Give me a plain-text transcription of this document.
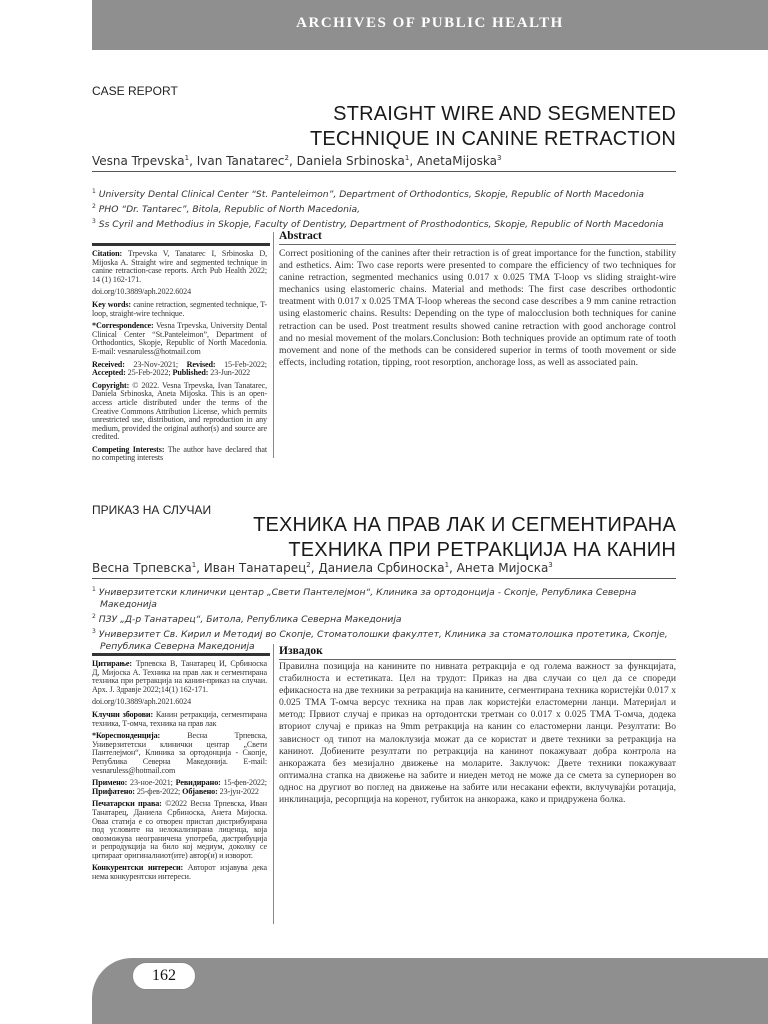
ARCHIVES OF PUBLIC HEALTH
CASE REPORT
STRAIGHT WIRE AND SEGMENTED
TECHNIQUE IN CANINE RETRACTION
Vesna Trpevska$^1$, Ivan Tanatarec$^2$, Daniela Srbinoska$^1$, AnetaMijoska$^3$
$^1$ University Dental Clinical Center “St. Panteleimon”, Department of Orthodontics, Skopje, Republic of North Macedonia
$^2$ PHO “Dr. Tantarec”, Bitola, Republic of North Macedonia,
$^3$ Ss Cyril and Methodius in Skopje, Faculty of Dentistry, Department of Prosthodontics, Skopje, Republic of North Macedonia

Citation: Trpevska V, Tanatarec I, Srbinoska D, Mijoska A. Straight wire and segmented technique in canine retraction-case reports. Arch Pub Health 2022; 14 (1) 162-171.

doi.org/10.3889/aph.2022.6024

Key words: canine retraction, segmented technique, T-loop, straight-wire technique.

*Correspondence: Vesna Trpevska, University Dental Clinical Center “St.Panteleimon”, Department of Orthodontics, Skopje, Republic of North Macedonia. E-mail: vesnaruless@hotmail.com

Received: 23-Nov-2021; Revised: 15-Feb-2022; Accepted: 25-Feb-2022; Published: 23-Jun-2022

Copyright: © 2022. Vesna Trpevska, Ivan Tanatarec, Daniela Srbinoska, Aneta Mijoska. This is an open-access article distributed under the terms of the Creative Commons Attribution License, which permits unrestricted use, distribution, and reproduction in any medium, provided the original author(s) and source are credited.

Competing Interests: The author have declared that no competing interests

Abstract
Correct positioning of the canines after their retraction is of great importance for the function, stability and esthetics. Aim: Two case reports were presented to compare the efficiency of two techniques for canine retraction, segmented mechanics using 0.017 x 0.025 TMA T-loop vs sliding straight-wire mechanics using elastomeric chains. Material and methods: The first case describes orthodontic treatment with 0.017 x 0.025 TMA T-loop whereas the second case describes a 9 mm canine retraction using elastomeric chains. Results: Depending on the type of malocclusion both techniques for canine retraction can be used. Post treatment results showed canine retraction with good anchorage control and no mesial movement of the molars.Conclusion: Both techniques provide an optimum rate of tooth movement and none of the methods can be considered superior in terms of tooth movement or side effects, including rotation, tipping, root resorption, anchorage loss, as well as associated pain.
ПРИКАЗ НА СЛУЧАИ
ТЕХНИКА НА ПРАВ ЛАК И СЕГМЕНТИРАНА
ТЕХНИКА ПРИ РЕТРАКЦИЈА НА КАНИН
Весна Трпевска$^1$, Иван Танатарец$^2$, Даниела Србиноска$^1$, Анета Мијоска$^3$
$^1$ Универзитетски клинички центар „Свети Пантелејмон“, Клиника за ортодонција - Скопје, Република Северна Македонија
$^2$ ПЗУ „Д-р Танатарец“, Битола, Република Северна Македонија
$^3$ Универзитет Св. Кирил и Методиј во Скопје, Стоматолошки факултет, Клиника за стоматолошка протетика, Скопје, Република Северна Македонија

Цитирање: Трпевска В, Танатарец И, Србиноска Д, Мијоска А. Техника на прав лак и сегментирана техника при ретракција на канин-приказ на случаи. Арх. Ј. Здравје 2022;14(1) 162-171.

doi.org/10.3889/aph.2021.6024

Клучни зборови: Канин ретракција, сегментирана техника, Т-омча, техника на прав лак

*Кореспонденција:	Весна Трпевска, Универзитетски клинички центар „Свети Пантелејмон“, Клиника за ортодонција - Скопје, Република Северна Македонија. E-mail: vesnaruless@hotmail.com

Примено: 23-ное-2021; Ревидирано: 15-фев-2022; Прифатено: 25-фев-2022; Објавено: 23-јун-2022

Печатарски права: ©2022 Весна Трпевска, Иван Танатарец, Даниела Србиноска, Анета Мијоска. Оваа статија е со отворен пристап дистрибуирана под условите на нелокализирана лиценца, која овозможува неограничена употреба, дистрибуција и репродукција на било кој медиум, доколку се цитираат оригиналниот(ите) автор(и) и изворот.

Конкурентски интереси: Авторот изјавува дека нема конкурентски интереси.

Извадок
Правилна позиција на канините по нивната ретракција е од голема важност за функцијата, стабилноста и естетиката. Цел на трудот: Приказ на два случаи со цел да се спореди ефикасноста на две техники за ретракција на канините, сегментирана техника користејќи 0.017 x 0.025 TMA T-омча версус техника на прав лак користејќи еластомерни ланци. Материјал и метод: Првиот случај е приказ на ортодонтски третман со 0.017 x 0.025 TMA T-омча, додека вториот случај е приказ на 9mm ретракција на канин со еластомерни ланци. Резултати: Во зависност од типот на малоклузија можат да се користат и двете техники за ретракција на канинот. Добиените резултати по ретракција на канинот покажуваат добра контрола на анкоражата без мезијално движење на моларите. Заклучок: Двете техники покажуваат оптимална стапка на движење на забите и ниеден метод не може да се смета за супериорен во однос на другиот во поглед на движење на забите или несакани ефекти, вклучувајќи ротација, инклинација, ресорпција на коренот, губиток на анкоража, како и придружена болка.
162
